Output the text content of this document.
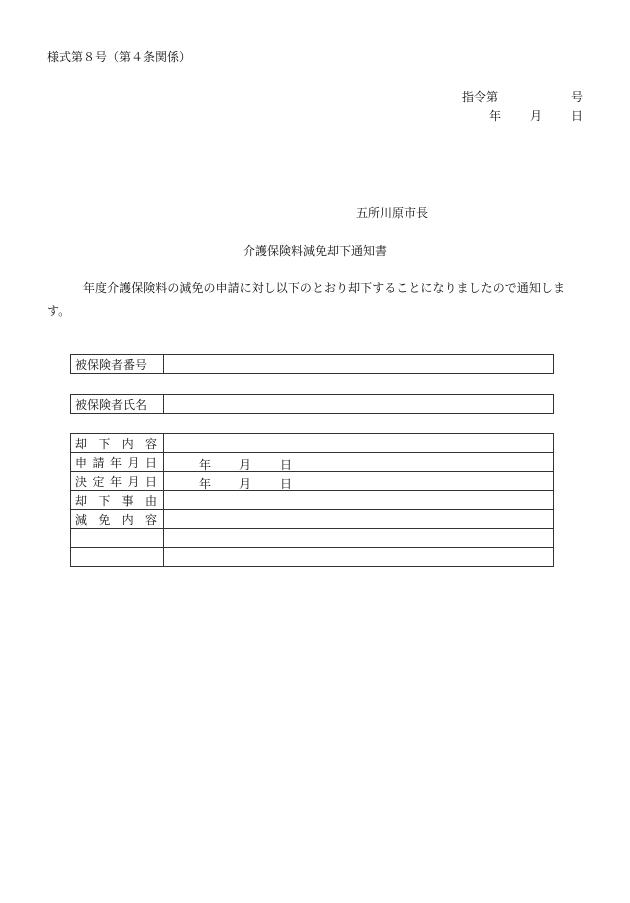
様式第８号（第４条関係）
指令第	号
年 月 日
五所川原市長
介護保険料減免却下通知書
年度介護保険料の減免の申請に対し以下のとおり却下することになりましたので通知します。
被保険者番号	
被保険者氏名	
却 下 内 容	

申 請 年 月 日	年 月 日

決 定 年 月 日	年 月 日

却 下 事 由	

減 免 内 容	
